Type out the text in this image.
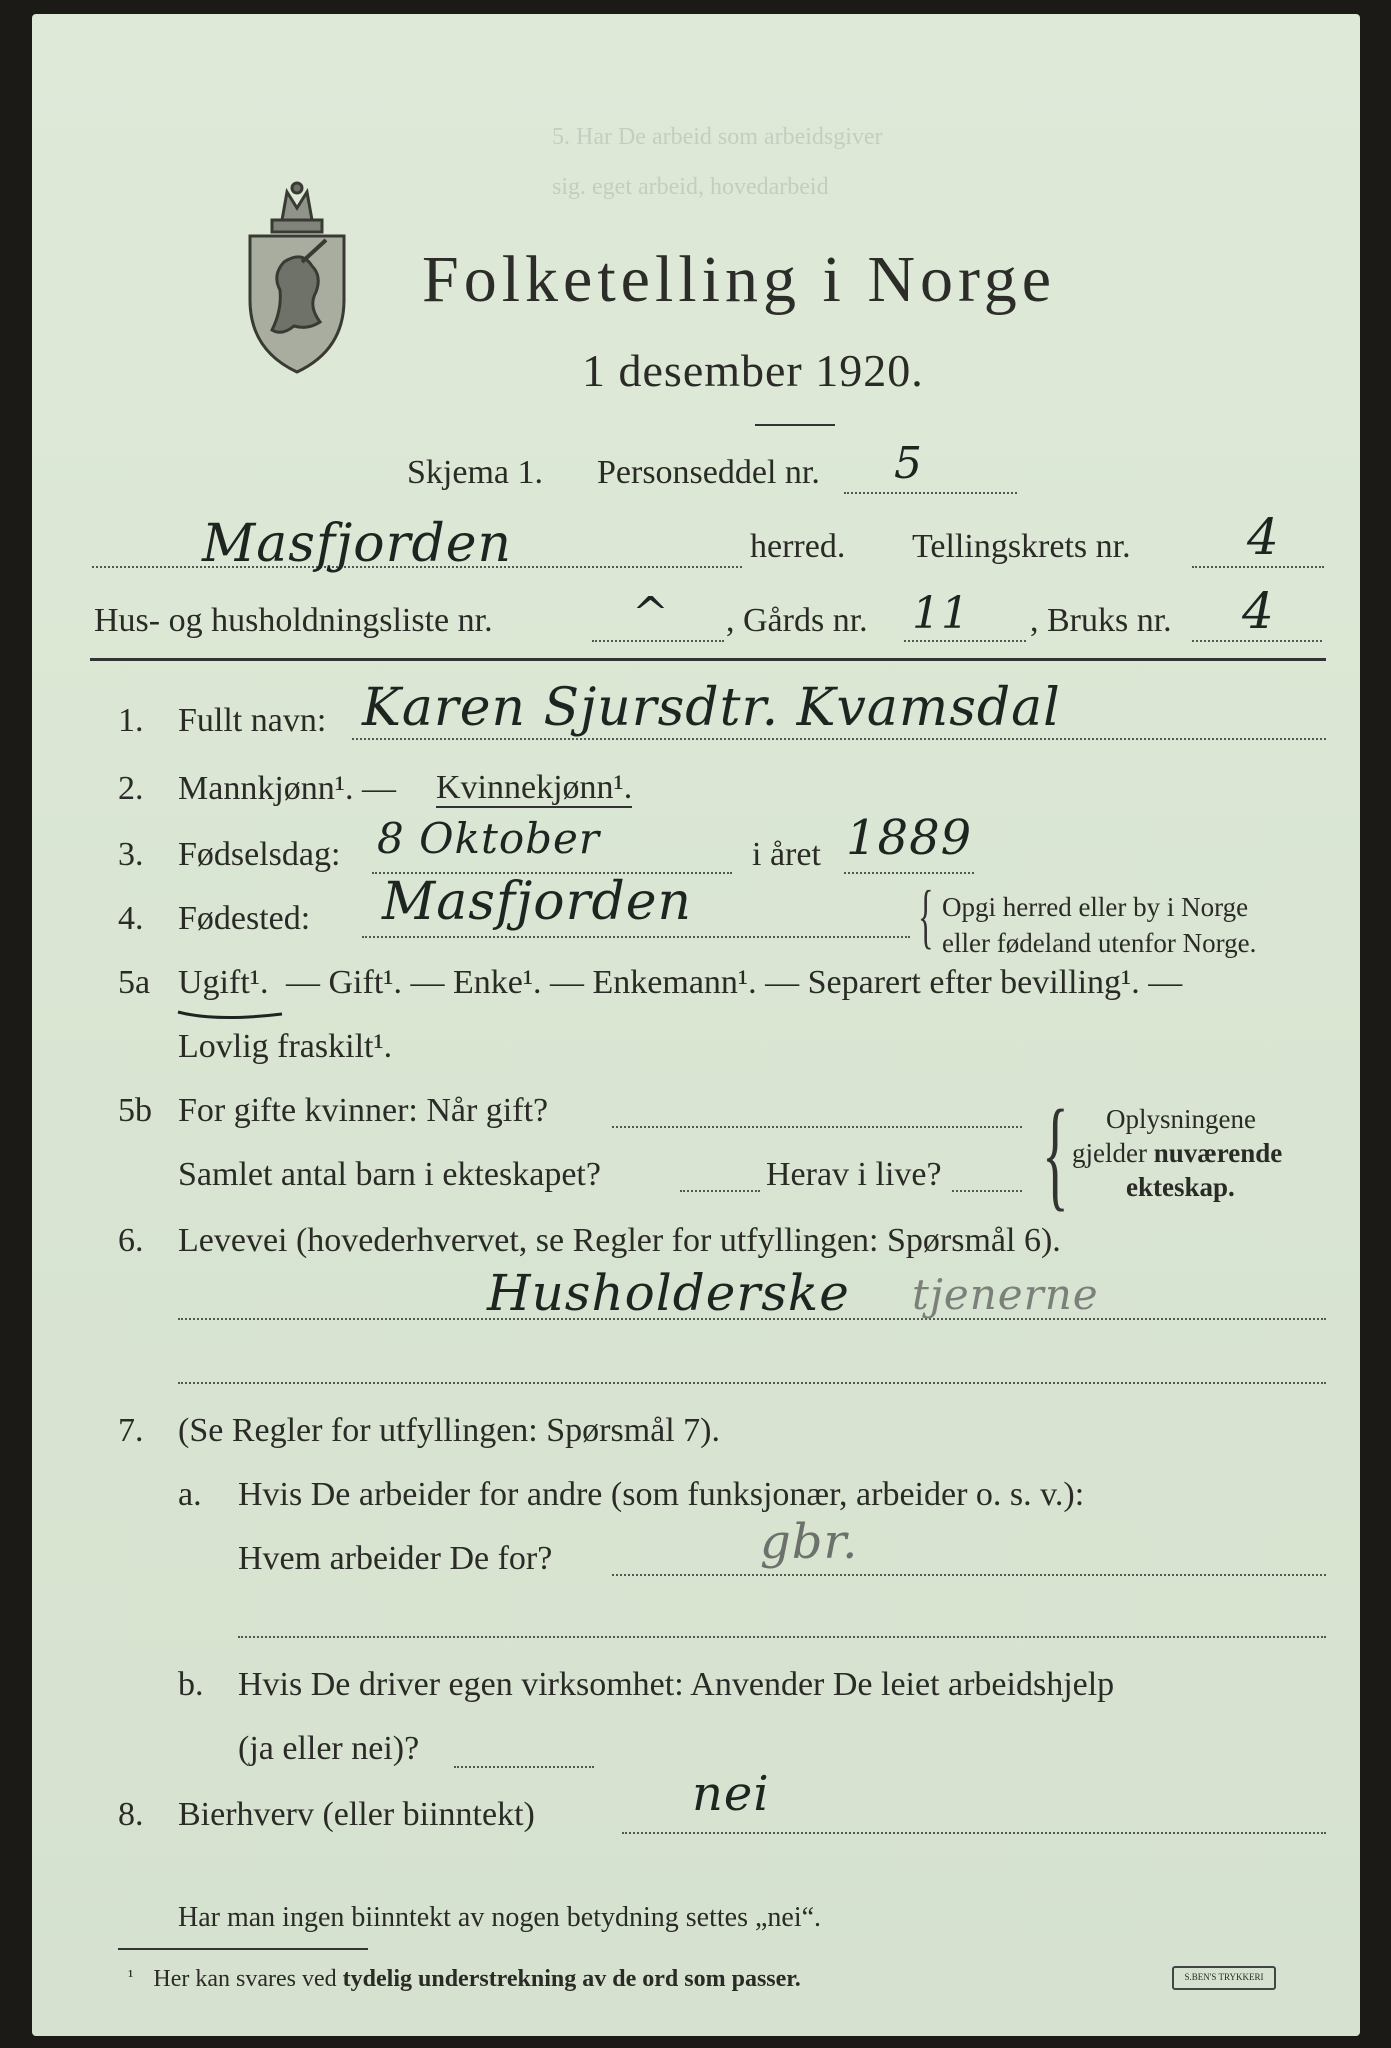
5. Har De arbeid som arbeidsgiver
sig. eget arbeid, hovedarbeid
Folketelling i Norge
1 desember 1920.
Skjema 1. Personseddel nr. 5
Masfjorden	herred. Tellingskrets nr. 4
Hus- og husholdningsliste nr.	^ , Gårds nr. 11 , Bruks nr. 4
1. Fullt navn: Karen Sjursdtr. Kvamsdal
2. Mannkjønn¹. — Kvinnekjønn¹.
3. Fødselsdag: 8 Oktober	i året 1889
4. Fødested: Masfjorden	{ Opgi herred eller by i Norge
eller fødeland utenfor Norge.
5a Ugift¹. — Gift¹. — Enke¹. — Enkemann¹. — Separert efter bevilling¹. —
Lovlig fraskilt¹.
5b For gifte kvinner: Når gift?
Samlet antal barn i ekteskapet?	Herav i live? { Oplysningene
gjelder nuværende
ekteskap.
6. Levevei (hovederhvervet, se Regler for utfyllingen: Spørsmål 6).
Husholderske tjenerne
7. (Se Regler for utfyllingen: Spørsmål 7).
a. Hvis De arbeider for andre (som funksjonær, arbeider o. s. v.):
Hvem arbeider De for?	gbr.
b. Hvis De driver egen virksomhet: Anvender De leiet arbeidshjelp
(ja eller nei)?
8. Bierhverv (eller biinntekt)	nei
Har man ingen biinntekt av nogen betydning settes „nei“.
$^{^1}$ Her kan svares ved tydelig understrekning av de ord som passer.	S.BEN'S TRYKKERI
